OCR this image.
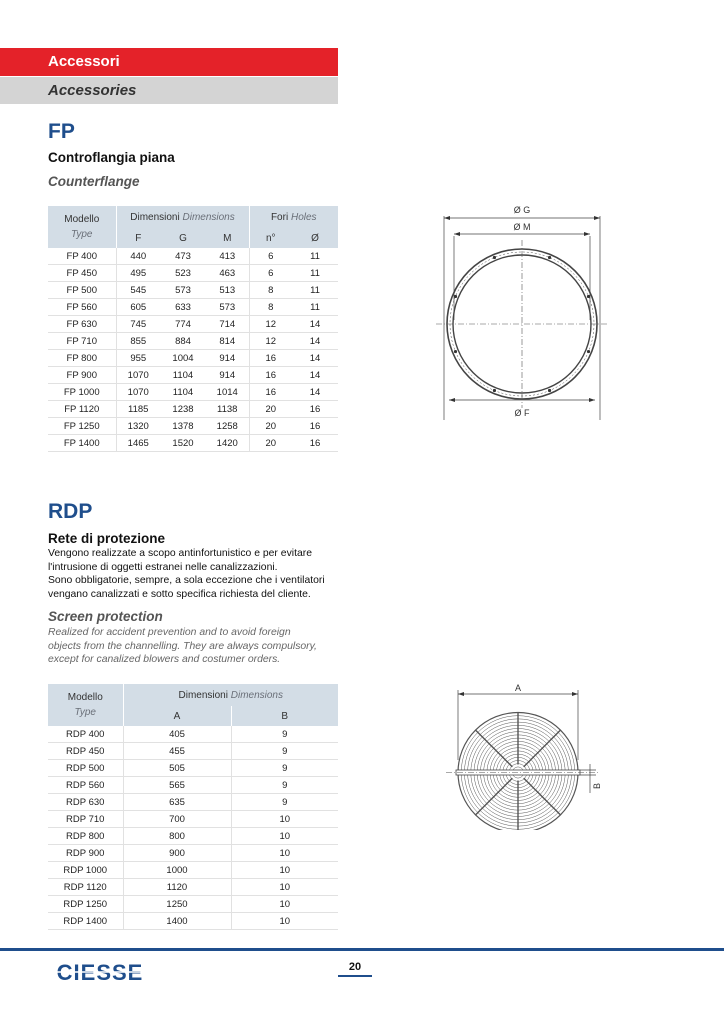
Accessori
Accessories
FP
Controflangia piana
Counterflange
Modello
Type	Dimensioni Dimensions			Fori Holes	
	F	G	M	n°	Ø
FP 400	440	473	413	6	11
FP 450	495	523	463	6	11
FP 500	545	573	513	8	11
FP 560	605	633	573	8	11
FP 630	745	774	714	12	14
FP 710	855	884	814	12	14
FP 800	955	1004	914	16	14
FP 900	1070	1104	914	16	14
FP 1000	1070	1104	1014	16	14
FP 1120	1185	1238	1138	20	16
FP 1250	1320	1378	1258	20	16
FP 1400	1465	1520	1420	20	16
Ø G
Ø M
Ø F
RDP
Rete di protezione

Vengono realizzate a scopo antinfortunistico e per evitare

l'intrusione di oggetti estranei nelle canalizzazioni.

Sono obbligatorie, sempre, a sola eccezione che i ventilatori

vengano canalizzati e sotto specifica richiesta del cliente.

Screen protection

Realized for accident prevention and to avoid foreign

objects from the channelling. They are always compulsory,

except for canalized blowers and costumer orders.

Modello
Type	Dimensioni Dimensions	
	A	B
RDP 400	405	9
RDP 450	455	9
RDP 500	505	9
RDP 560	565	9
RDP 630	635	9
RDP 710	700	10
RDP 800	800	10
RDP 900	900	10
RDP 1000	1000	10
RDP 1120	1120	10
RDP 1250	1250	10
RDP 1400	1400	10
A
B
CIESSE	20
